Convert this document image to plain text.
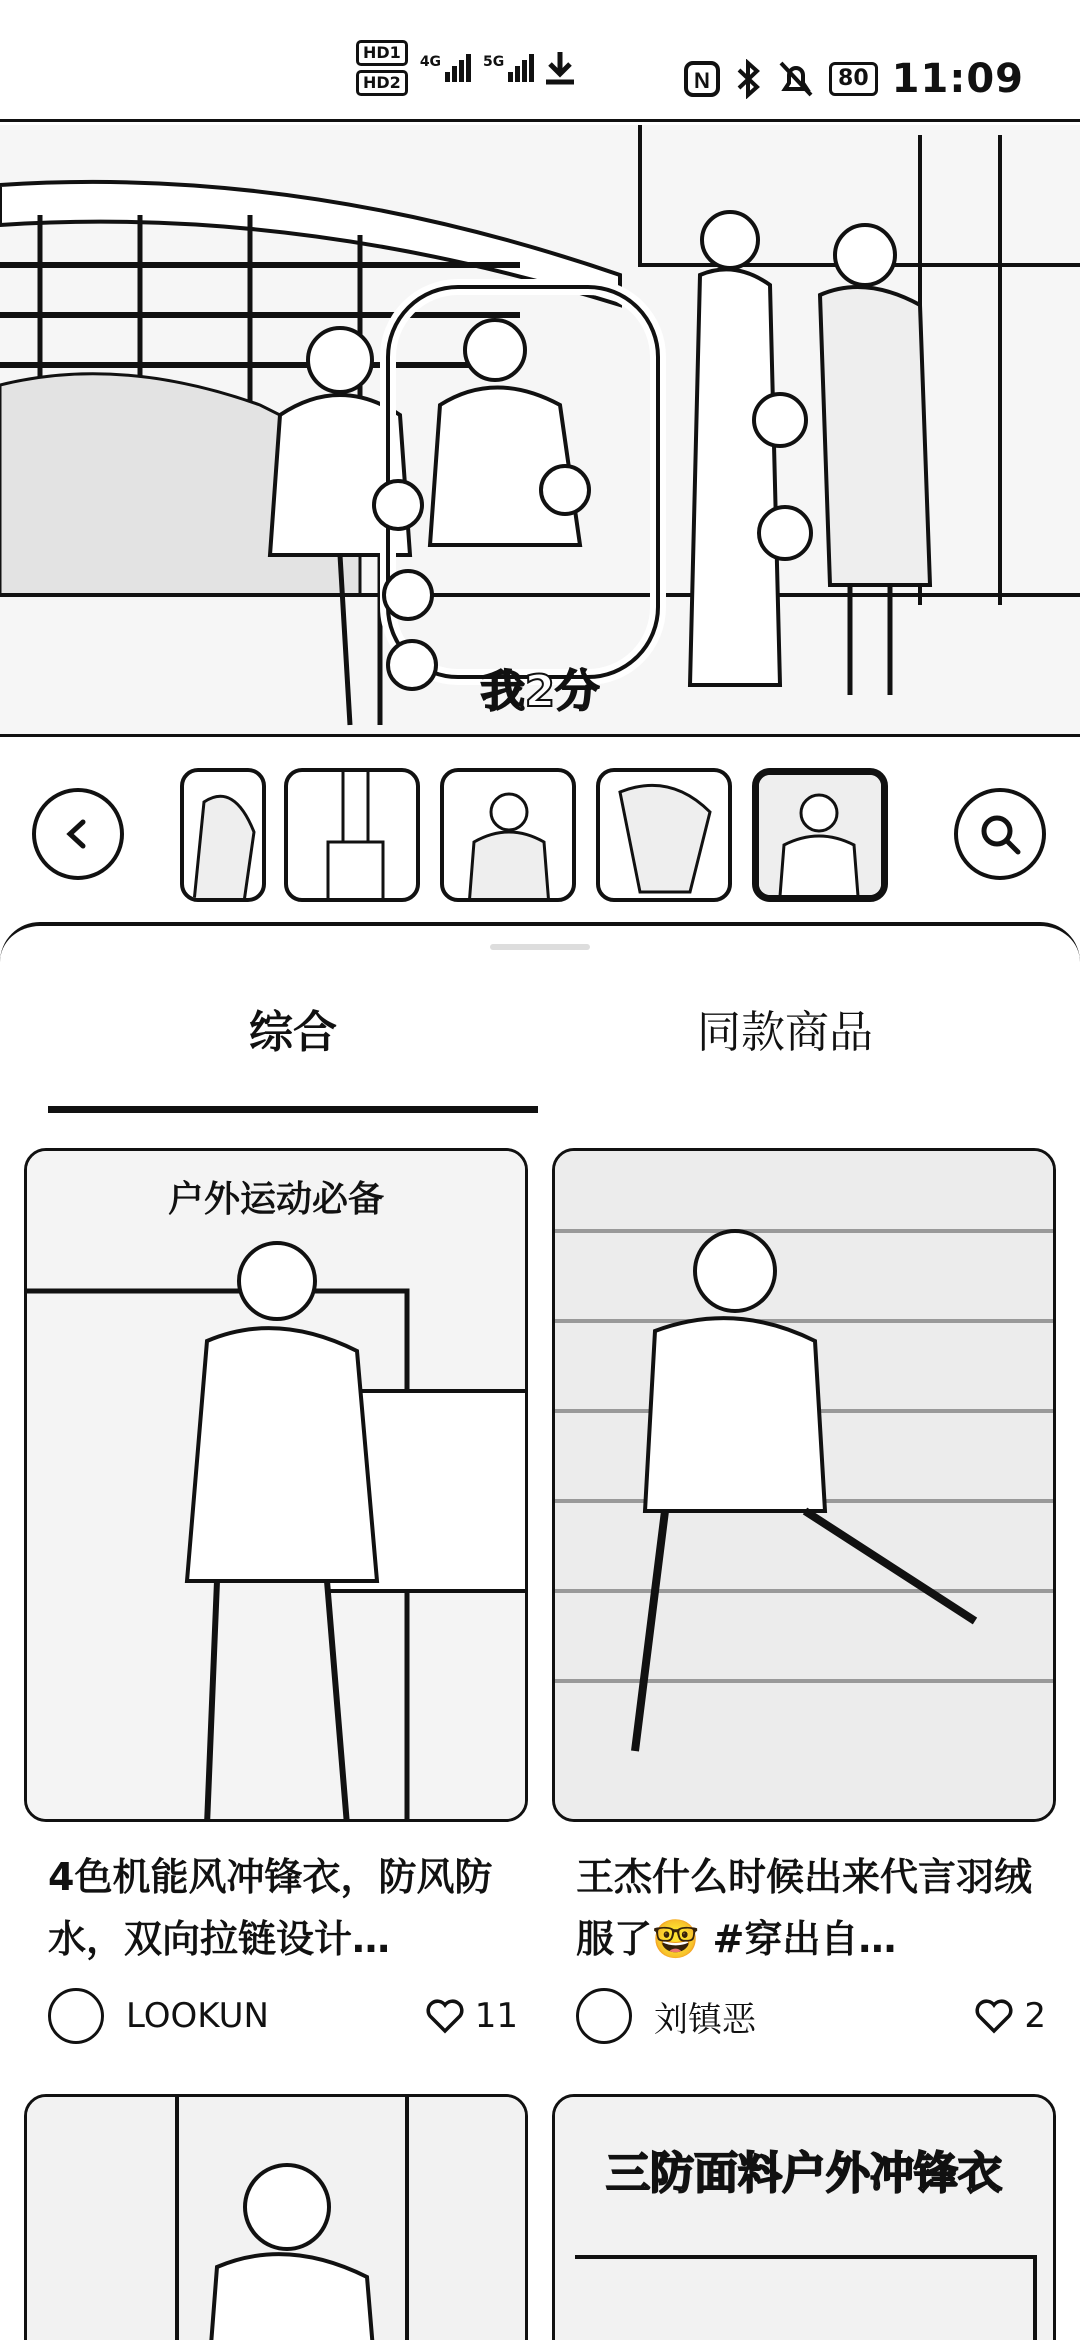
HD1
HD2
4G	5G
N	80 11:09
我2分
综合	同款商品
户外运动必备
4色机能风冲锋衣，防风防水，双向拉链设计…
LOOKUN	11
王杰什么时候出来代言羽绒服了🤓 #穿出自…
刘镇恶	2
三防面料户外冲锋衣
